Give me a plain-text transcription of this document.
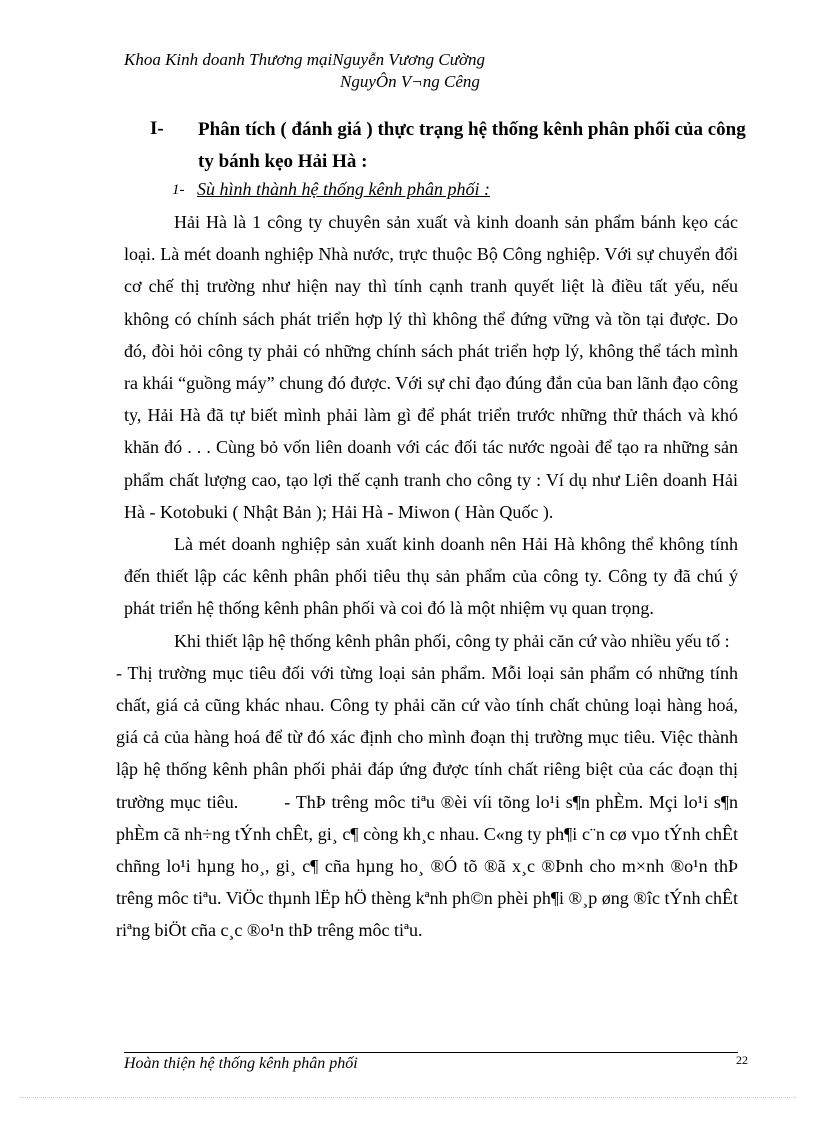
Khoa Kinh doanh Thương mạiNguyễn Vương Cường
NguyÔn V¬ng Cêng
I- Phân tích ( đánh giá ) thực trạng hệ thống kênh phân phối của công ty bánh kẹo Hải Hà :
1- Sù hình thành hệ thống kênh phân phối :

Hải Hà là 1 công ty chuyên sản xuất và kinh doanh sản phẩm bánh kẹo các loại. Là mét doanh nghiệp Nhà nước, trực thuộc Bộ Công nghiệp. Với sự chuyển đổi cơ chế thị trường như hiện nay thì tính cạnh tranh quyết liệt là điều tất yếu, nếu không có chính sách phát triển hợp lý thì không thể đứng vững và tồn tại được. Do đó, đòi hỏi công ty phải có những chính sách phát triển hợp lý, không thể tách mình ra khái “guồng máy” chung đó được. Với sự chỉ đạo đúng đắn của ban lãnh đạo công ty, Hải Hà đã tự biết mình phải làm gì để phát triển trước những thử thách và khó khăn đó . . . Cùng bỏ vốn liên doanh với các đối tác nước ngoài để tạo ra những sản phẩm chất lượng cao, tạo lợi thế cạnh tranh cho công ty : Ví dụ như Liên doanh Hải Hà - Kotobuki ( Nhật Bản ); Hải Hà - Miwon ( Hàn Quốc ).

Là mét doanh nghiệp sản xuất kinh doanh nên Hải Hà không thể không tính đến thiết lập các kênh phân phối tiêu thụ sản phẩm của công ty. Công ty đã chú ý phát triển hệ thống kênh phân phối và coi đó là một nhiệm vụ quan trọng.

Khi thiết lập hệ thống kênh phân phối, công ty phải căn cứ vào nhiều yếu tố :

- Thị trường mục tiêu đối với từng loại sản phẩm. Mỗi loại sản phẩm có những tính chất, giá cả cũng khác nhau. Công ty phải căn cứ vào tính chất chủng loại hàng hoá, giá cả của hàng hoá để từ đó xác định cho mình đoạn thị trường mục tiêu. Việc thành lập hệ thống kênh phân phối phải đáp ứng được tính chất riêng biệt của các đoạn thị trường mục tiêu.	- ThÞ trêng môc tiªu ®èi víi tõng lo¹i s¶n phÈm. Mçi lo¹i s¶n phÈm cã nh÷ng tÝnh chÊt, gi¸ c¶ còng kh¸c nhau. C«ng ty ph¶i c¨n cø vµo tÝnh chÊt chñng lo¹i hµng ho¸, gi¸ c¶ cña hµng ho¸ ®Ó tõ ®ã x¸c ®Þnh cho m×nh ®o¹n thÞ trêng môc tiªu. ViÖc thµnh lËp hÖ thèng kªnh ph©n phèi ph¶i ®¸p øng ®îc tÝnh chÊt riªng biÖt cña c¸c ®o¹n thÞ trêng môc tiªu.

Hoàn thiện hệ thống kênh phân phối	22
